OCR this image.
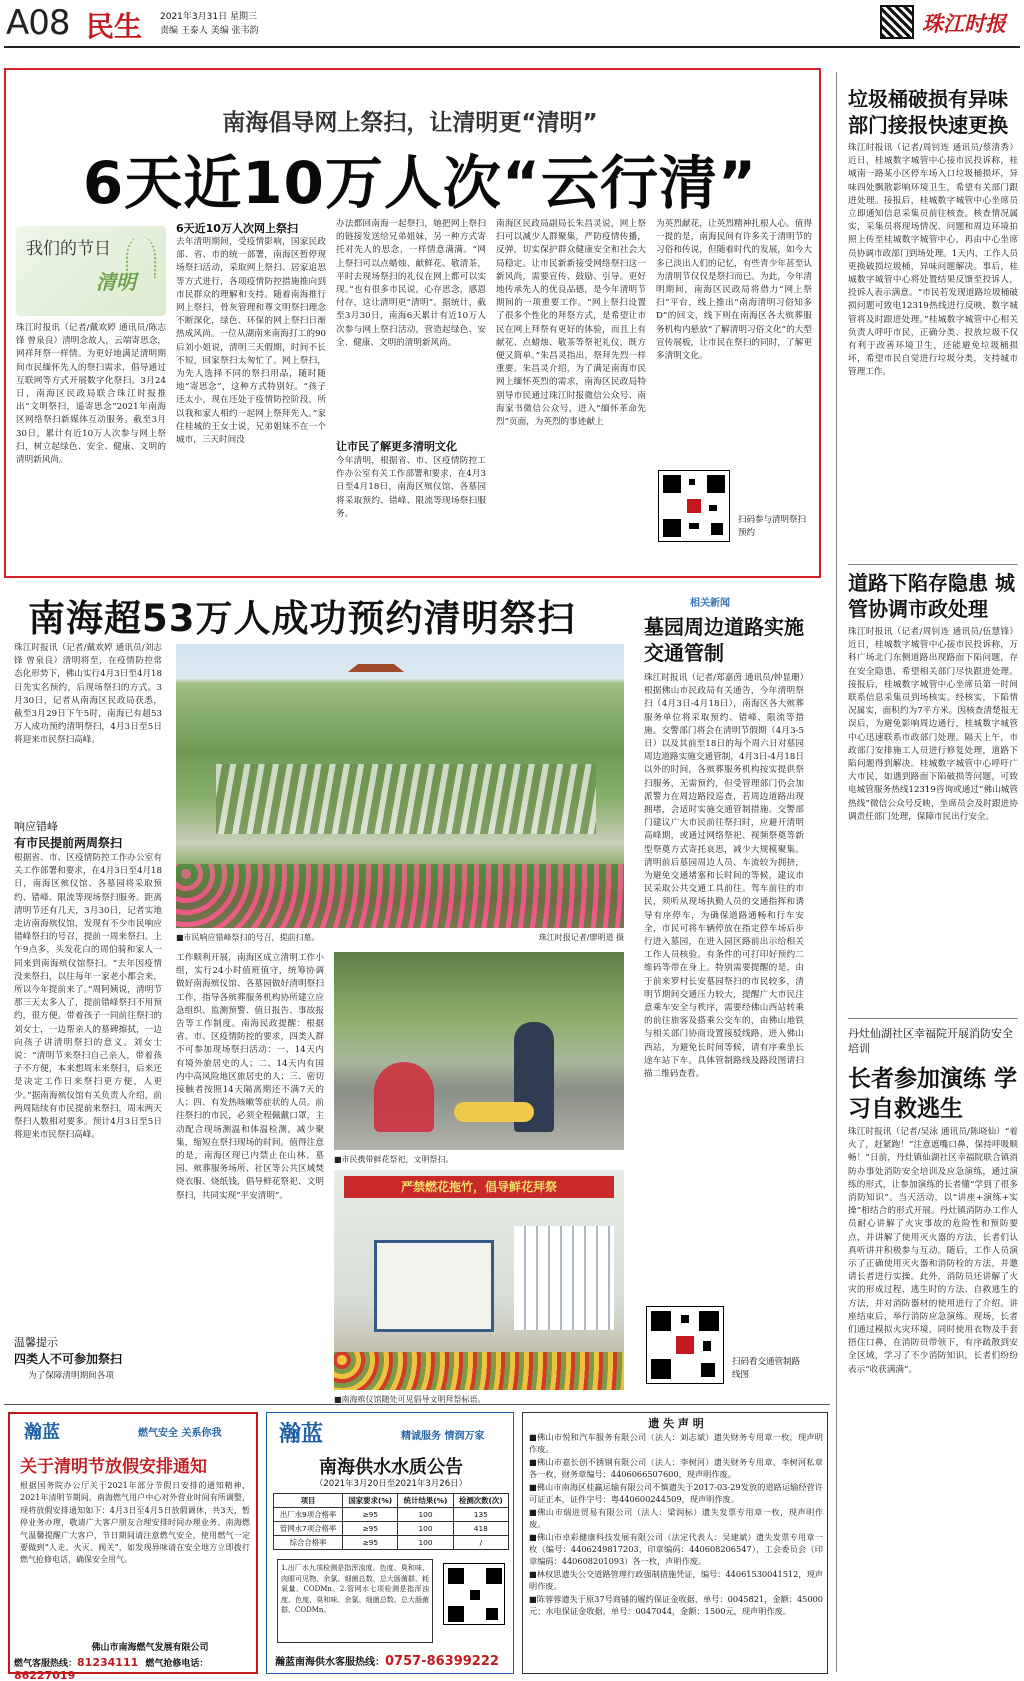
A08 民生 2021年3月31日 星期三
责编 王泰人 美编 张韦韵	珠江时报
南海倡导网上祭扫，让清明更“清明”
6天近10万人次“云行清”
我们的节日
清明
珠江时报讯（记者/戴欢婷 通讯员/陈志锋 曾泉良）清明念故人，云端寄思念，网祥拜祭一样情。为更好地满足清明期间市民缅怀先人的祭扫需求，倡导通过互联网等方式开展数字化祭扫。3月24日，南海区民政局联合珠江时报推出“文明祭扫，遥寄思念”2021年南海区网络祭扫新媒体互动服务。截至3月30日，累计有近10万人次参与网上祭扫，树立起绿色、安全、健康、文明的清明新风尚。
6天近10万人次网上祭扫
去年清明期间，受疫情影响，国家民政部、省、市的统一部署，南海区暂停现场祭扫活动，采取网上祭扫、居家追思等方式进行，各项疫情防控措施推向到市民群众的理解和支持。随着南海推行网上祭扫，骨灰管理和尊文明祭扫理念不断深化，绿色、环保的网上祭扫日渐热成风尚。一位从湖南来南海打工的90后刘小姐说，清明三天假期，时间不长不短，回家祭扫太匆忙了。网上祭扫，为先人选择不同的祭扫用品，随时随地“寄思念”，这种方式特别好。“孩子还太小，现在还处于疫情防控阶段，所以我和家人相约一起网上祭拜先人。”家住桂城的王女士说，兄弟姐妹不在一个城市，三天时间没
办法都回南海一起祭扫，她把网上祭扫的链接发送给兄弟姐妹，另一种方式寄托对先人的思念，一样情意满满。“网上祭扫可以点蜡烛、献鲜花、敬清茶，平时去现场祭扫的礼仪在网上都可以实现。”也有很多市民说，心存思念，感恩付存，这让清明更“清明”。据统计，截至3月30日，南海6天累计有近10万人次参与网上祭扫活动，营造起绿色、安全、健康、文明的清明新风尚。
让市民了解更多清明文化
今年清明，根据省、市、区疫情防控工作办公室有关工作部署和要求，在4月3日至4月18日，南海区殡仪馆、各墓园将采取预约、错峰、限流等现场祭扫服务。
南海区民政局副局长朱昌灵说，网上祭扫可以减少人群聚集，严防疫情传播，反弹，切实保护群众健康安全和社会大局稳定。让市民新新接受网络祭扫这一新风尚，需要宣传、鼓励、引导。更好地传承先人的优良品德，是今年清明节期间的一项重要工作。“网上祭扫设置了很多个性化的拜祭方式，是希望让市民在网上拜祭有更好的体验，而且上有献花、点蜡烛、敬茶等祭祀礼仪，既方便又简单。”朱昌灵指出，祭拜先烈一样重要。朱昌灵介绍，为了满足南海市民网上缅怀英烈的需求，南海区民政局特别导市民通过珠江时报微信公众号、南海家书微信公众号，进入“缅怀革命先烈”页面，为英烈的事迹献上
为英烈献花，让英烈精神扎根人心。值得一提的是，南海民间有许多关于清明节的习俗和传说，但随着时代的发展，如今大多已淡出人们的记忆，有些青少年甚至认为清明节仅仅是祭扫而已。为此，今年清明期间，南海区民政局将借力“网上祭扫”平台，线上推出“南海清明习俗知多D”的回文，线下则在南海区各大殡葬服务机构内悬放“了解清明习俗文化”的大型宣传展板，让市民在祭扫的同时，了解更多清明文化。
扫码参与清明祭扫预约
南海超53万人成功预约清明祭扫
珠江时报讯（记者/戴欢婷 通讯员/刘志锋 曾泉良）清明将至，在疫情防控常态化形势下，佛山实行4月3日至4月18日先实名预约，后现场祭扫的方式。3月30日，记者从南海区民政局获悉，截至3月29日下午5时，南海已有超53万人成功预约清明祭扫，4月3日至5日将迎来市民祭扫高峰。
响应错峰
有市民提前两周祭扫
根据省、市、区疫情防控工作办公室有关工作部署和要求，在4月3日至4月18日，南海区殡仪馆、各墓园将采取预约、错峰、限流等现场祭扫服务。距离清明节还有几天，3月30日，记者实地走访南海殡仪馆，发现有不少市民响应错峰祭扫的号召，提前一周来祭扫。上午9点多，头发花白的周伯骑和家人一同来到南海殡仪馆祭扫。“去年因疫情没来祭扫，以往每年一家老小都会来，所以今年提前来了。”周阿姨说，清明节那三天太多人了，提前错峰祭扫不用预约，很方便。带着孩子一同前往祭扫的刘女士，一边帮亲人的墓碑擦拭，一边向孩子讲清明祭扫的意义。刘女士说：“清明节来祭扫自己亲人，带着孩子不方便，本来想周末来祭扫，后来还是决定工作日来祭扫更方便，人更少。”据南海殡仪馆有关负责人介绍，前两周陆续有市民提前来祭扫，周末两天祭扫人数相对要多。预计4月3日至5日将迎来市民祭扫高峰。
温馨提示
四类人不可参加祭扫
为了保障清明期间各项
■市民响应错峰祭扫的号召，提前扫墓。	珠江时报记者/廖明道 摄
工作顺利开展，南海区成立清明工作小组，实行24小时值班值守，统筹协调做好南海殡仪馆、各墓园做好清明祭扫工作，指导各殡葬服务机构协所建立应急组织、监测预警、值日报告、事故报告等工作制度。南海民政提醒：根据省、市、区疫情防控的要求，四类人群不可参加现场祭扫活动：一、14天内有境外旅居史的人；二、14天内有国内中高风险地区旅居史的人；三、密切接触者按照14天隔离期还不满7天的人；四、有发热咳嗽等症状的人员。前往祭扫的市民，必须全程佩戴口罩，主动配合现场测温和体温检测，减少聚集，缩短在祭扫现场的时间。值得注意的是，南海区现已内禁止在山林、墓园、殡葬服务场所、社区等公共区域焚烧衣服、烧纸钱，倡导鲜花祭祀、文明祭扫，共同实现“平安清明”。
■市民携带鲜花祭祀，文明祭扫。
严禁燃花拖竹，倡导鲜花拜祭
■南海殡仪馆随处可见倡导文明拜祭标语。
相关新闻
墓园周边道路实施交通管制
珠江时报讯（记者/郑嘉茵 通讯员/钟显珊）根据佛山市民政局有关通告，今年清明祭扫（4月3日-4月18日），南海区各大殡葬服务单位将采取预约、错峰、限流等措施。交警部门将会在清明节假期（4月3-5日）以及其前至18日的每个周六日对墓园周边道路实施交通管制，4月3日-4月18日以外的时间，各殡葬服务机构按实提供祭扫服务，无需预约，但受管理部门仍会加派警力在周边路段巡查，若周边道路出现拥堵，会适时实施交通管制措施。交警部门建议广大市民前往祭扫时，应避开清明高峰期，或通过网络祭祀、视频祭奠等新型祭奠方式寄托哀思，减少大规模聚集。清明前后墓园周边人员、车流较为拥挤，为避免交通堵塞和长时间的等候，建议市民采取公共交通工具前往。驾车前往的市民，须听从现场执勤人员的交通指挥和诱导有序停车，为确保道路通畅和行车安全，市民可将车辆停放在指定停车场后步行进入墓园，在进入园区路前出示给相关工作人员核验。有条件的可打印好预约二维码等带在身上。特别需要提醒的是，由于前来罗村长安墓园祭扫的市民较多，清明节期间交通压力较大，提醒广大市民注意乘车安全与秩序，需要经佛山西站转乘的前往旅客及搭乘公交车的，由佛山地铁与相关部门协商设置接驳线路，进入佛山西站，为避免长时间等候，请有序乘坐长途车站下车。具体管制路线及路段图请扫描二维码查看。
扫码看交通管制路线图
垃圾桶破损有异味 部门接报快速更换
珠江时报讯（记者/周钊连 通讯员/蔡清秀）近日，桂城数字城管中心接市民投诉称，桂城南一路某小区停车场入口垃圾桶损坏，异味四处飘散影响环境卫生，希望有关部门跟进处理。接报后，桂城数字城管中心坐席员立即通知信息采集员前往核查。核查情况属实，采集员将现场情况、问题和周边环境拍照上传至桂城数字城管中心，再由中心坐席员协调市政部门到场处理。1天内，工作人员更换破损垃圾桶，异味问题解决。事后，桂城数字城管中心将处置结果反馈至投诉人，投诉人表示满意。“市民若发现道路垃圾桶破损问题可致电12319热线进行反映，数字城管将及时跟进处理。”桂城数字城管中心相关负责人呼吁市民，正确分类、投放垃圾不仅有利于改善环境卫生，还能避免垃圾桶损坏，希望市民自觉进行垃圾分类，支持城市管理工作。
道路下陷存隐患 城管协调市政处理
珠江时报讯（记者/周钊连 通讯员/伍慧锋）近日，桂城数字城管中心接市民投诉称，万科广场北门东侧道路出现路面下陷问题，存在安全隐患，希望相关部门尽快跟进处理。接报后，桂城数字城管中心坐席员第一时间联系信息采集员到场核实。经核实，下陷情况属实，面积约为7平方米。因核查清楚报无误后，为避免影响周边通行，桂城数字城管中心迅速联系市政部门处理。隔天上午，市政部门安排施工人员进行修复处理，道路下陷问题得到解决。桂城数字城管中心呼吁广大市民，如遇到路面下陷破损等问题，可致电城管服务热线12319咨询或通过“佛山城管热线”微信公众号反映，坐席员会及时跟进协调责任部门处理，保障市民出行安全。
丹灶仙湖社区幸福院开展消防安全培训
长者参加演练 学习自救逃生
珠江时报讯（记者/吴泳 通讯员/陈晓仙）“着火了，赶紧跑！”注意遮嘴口鼻，保持呼吸顺畅！”日前，丹灶镇仙湖社区幸福院联合镇消防办事处消防安全培训及应急演练，通过演练的形式，让参加演练的长者懂“学到了很多消防知识”。当天活动，以“讲座+演练+实操”相结合的形式开展。丹灶镇消防办工作人员耐心讲解了火灾事故的危险性和预防要点，并讲解了使用灭火器的方法，长者们认真听讲并积极参与互动。随后，工作人员演示了正确使用灭火器和消防栓的方法，并邀请长者进行实操。此外，消防员还讲解了火灾的形成过程、逃生时的方法、自救逃生的方法，并对消防器材的使用进行了介绍。讲座结束后，举行消防应急演练。现场，长者们通过模拟火灾环境，同时使用衣物及手套捂住口鼻，在消防员带领下，有序疏散到安全区域，学习了不少消防知识，长者们纷纷表示“收获满满”。
瀚蓝	燃气安全 关系你我
关于清明节放假安排通知
根据国务院办公厅关于2021年部分节假日安排的通知精神，2021年清明节期间，南海燃气用户中心对外营业时间有所调整，现将放假安排通知如下：4月3日至4月5日放假调休，共3天，暂停业务办理，敬请广大客户朋友合理安排时间办理业务。南海燃气温馨提醒广大客户，节日期间请注意燃气安全，使用燃气一定要做到“人走、火灭、阀关”，如发现异味请在安全地方立即拨打燃气抢修电话，确保安全用气。
佛山市南海燃气发展有限公司
燃气客服热线：81234111 燃气抢修电话：86227019
瀚蓝	精诚服务 情润万家
南海供水水质公告
（2021年3月20日至2021年3月26日）
项目	国家要求(%)	统计结果(%)	检测次数(次)
出厂水9项合格率	≥95	100	135
管网水7项合格率	≥95	100	418
综合合格率	≥95	100	/
1.出厂水九项检测是指浑浊度、色度、臭和味、肉眼可见物、余氯、细菌总数、总大肠菌群、耗氧量、CODMn。2.管网水七项检测是指浑浊度、色度、臭和味、余氯、细菌总数、总大肠菌群、CODMn。
瀚蓝南海供水客服热线：0757-86399222
遗 失 声 明
■佛山市悦和汽车服务有限公司（法人：刘志斌）遗失财务专用章一枚，现声明作废。
■佛山市嘉长创不锈钢有限公司（法人：李树河）遗失财务专用章、李树河私章各一枚，财务章编号：4406066507600，现声明作废。
■佛山市南海区桂赢运输有限公司不慎遗失于2017-03-29发放的道路运输经营许可证正本，证件字号：粤440600244509，现声明作废。
■佛山市瑞进贸易有限公司（法人：梁润标）遗失发票专用章一枚，现声明作废。
■佛山市卓彩健康科技发展有限公司（法定代表人：吴建斌）遗失发票专用章一枚（编号：4406249817203，印章编码：440608206547），工会委员会（印章编码：440608201093）各一枚，声明作废。
■林权思遗失公交道路管理行政强制措施凭证，编号：44061530041512，现声明作废。
■陈蓉蓉遗失于原37号商铺的履约保证金收据，单号：0045821，金额：45000元；水电保证金收据，单号：0047044，金额：1500元，现声明作废。
